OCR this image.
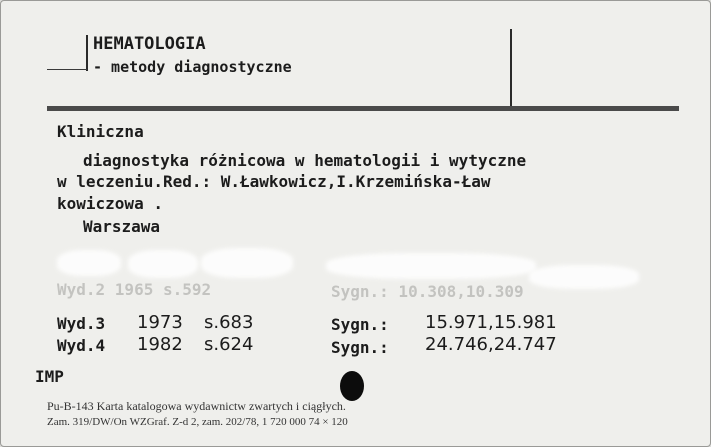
HEMATOLOGIA
- metody diagnostyczne
Kliniczna
diagnostyka różnicowa w hematologii i wytyczne
w leczeniu.Red.: W.Ławkowicz,I.Krzemińska-Ław
kowiczowa .
Warszawa
Wyd.2 1965 s.592	Sygn.: 10.308,10.309
Wyd.3 1973 s.683	Sygn.: 15.971,15.981
Wyd.4 1982 s.624	Sygn.: 24.746,24.747
IMP
Pu-B-143 Karta katalogowa wydawnictw zwartych i ciągłych.
Zam. 319/DW/On WZGraf. Z-d 2, zam. 202/78, 1 720 000 74 × 120
